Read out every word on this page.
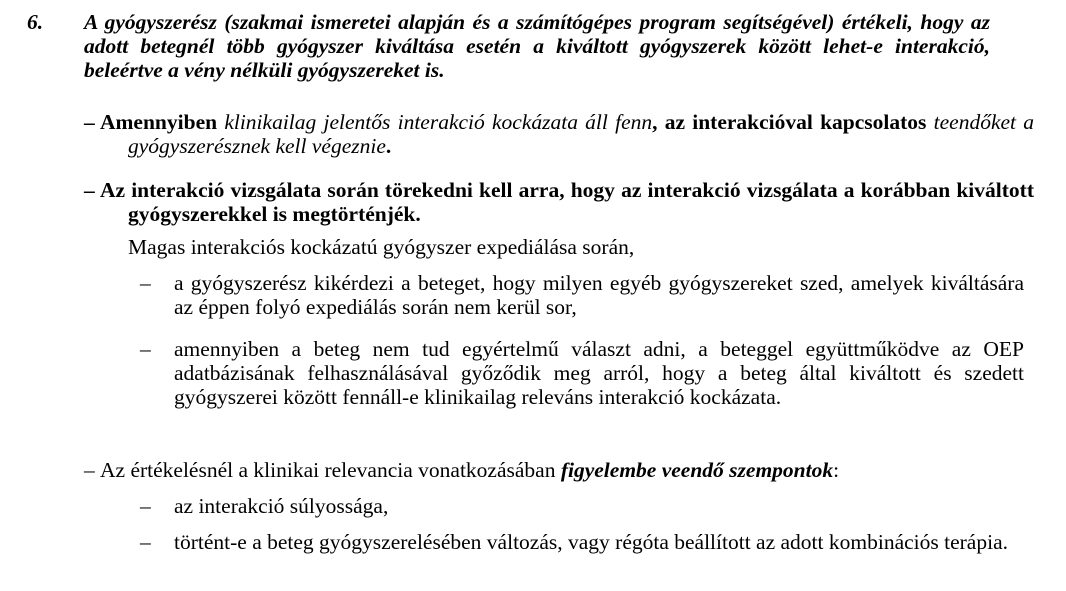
6. A gyógyszerész (szakmai ismeretei alapján és a számítógépes program segítségével) értékeli, hogy az adott betegnél több gyógyszer kiváltása esetén a kiváltott gyógyszerek között lehet-e interakció, beleértve a vény nélküli gyógyszereket is.
– Amennyiben klinikailag jelentős interakció kockázata áll fenn, az interakcióval kapcsolatos teendőket a gyógyszerésznek kell végeznie.
– Az interakció vizsgálata során törekedni kell arra, hogy az interakció vizsgálata a korábban kiváltott gyógyszerekkel is megtörténjék.
Magas interakciós kockázatú gyógyszer expediálása során,
– a gyógyszerész kikérdezi a beteget, hogy milyen egyéb gyógyszereket szed, amelyek kiváltására az éppen folyó expediálás során nem kerül sor,
– amennyiben a beteg nem tud egyértelmű választ adni, a beteggel együttműködve az OEP adatbázisának felhasználásával győződik meg arról, hogy a beteg által kiváltott és szedett gyógyszerei között fennáll-e klinikailag releváns interakció kockázata.
– Az értékelésnél a klinikai relevancia vonatkozásában figyelembe veendő szempontok:
– az interakció súlyossága,
– történt-e a beteg gyógyszerelésében változás, vagy régóta beállított az adott kombinációs terápia.
